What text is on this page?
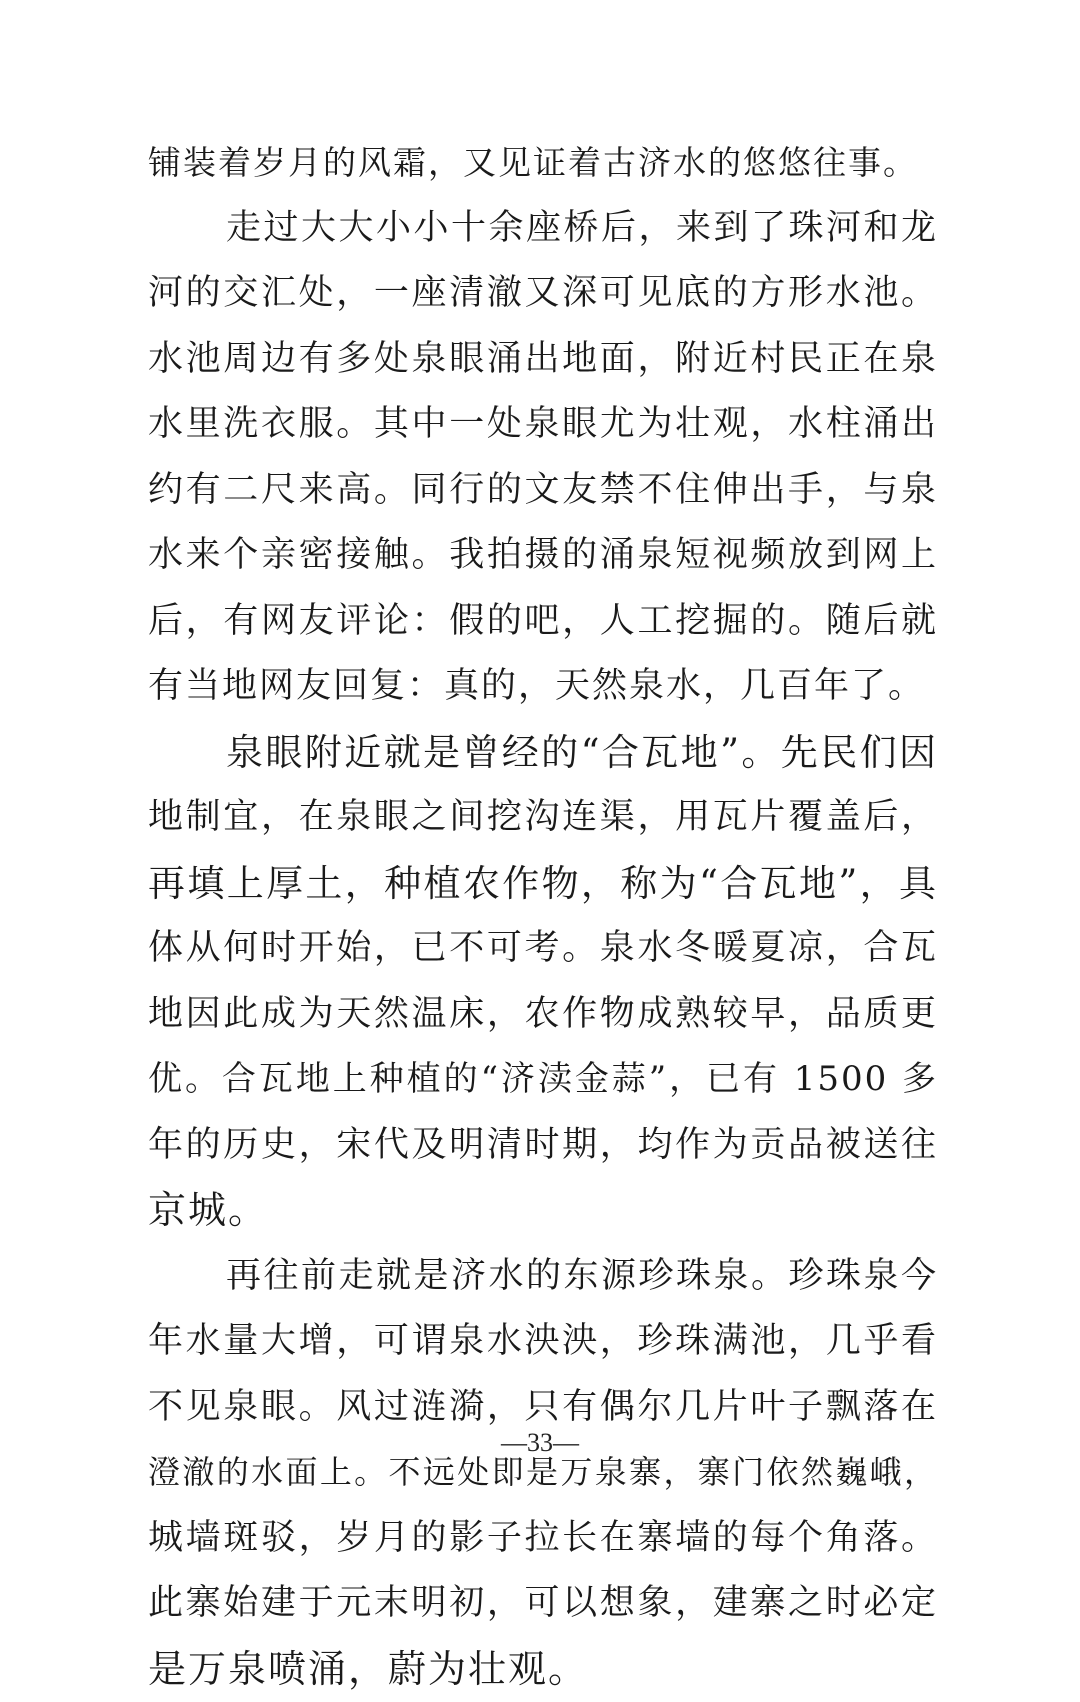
铺装着岁月的风霜，又见证着古济水的悠悠往事。
走过大大小小十余座桥后，来到了珠河和龙
河的交汇处，一座清澈又深可见底的方形水池。
水池周边有多处泉眼涌出地面，附近村民正在泉
水里洗衣服。其中一处泉眼尤为壮观，水柱涌出
约有二尺来高。同行的文友禁不住伸出手，与泉
水来个亲密接触。我拍摄的涌泉短视频放到网上
后，有网友评论：假的吧，人工挖掘的。随后就
有当地网友回复：真的，天然泉水，几百年了。
泉眼附近就是曾经的“合瓦地”。先民们因
地制宜，在泉眼之间挖沟连渠，用瓦片覆盖后，
再填上厚土，种植农作物，称为“合瓦地”，具
体从何时开始，已不可考。泉水冬暖夏凉，合瓦
地因此成为天然温床，农作物成熟较早，品质更
优。合瓦地上种植的“济渎金蒜”，已有 1500 多
年的历史，宋代及明清时期，均作为贡品被送往
京城。
再往前走就是济水的东源珍珠泉。珍珠泉今
年水量大增，可谓泉水泱泱，珍珠满池，几乎看
不见泉眼。风过涟漪，只有偶尔几片叶子飘落在
澄澈的水面上。不远处即是万泉寨，寨门依然巍峨，
城墙斑驳，岁月的影子拉长在寨墙的每个角落。
此寨始建于元末明初，可以想象，建寨之时必定
是万泉喷涌，蔚为壮观。
—33—
